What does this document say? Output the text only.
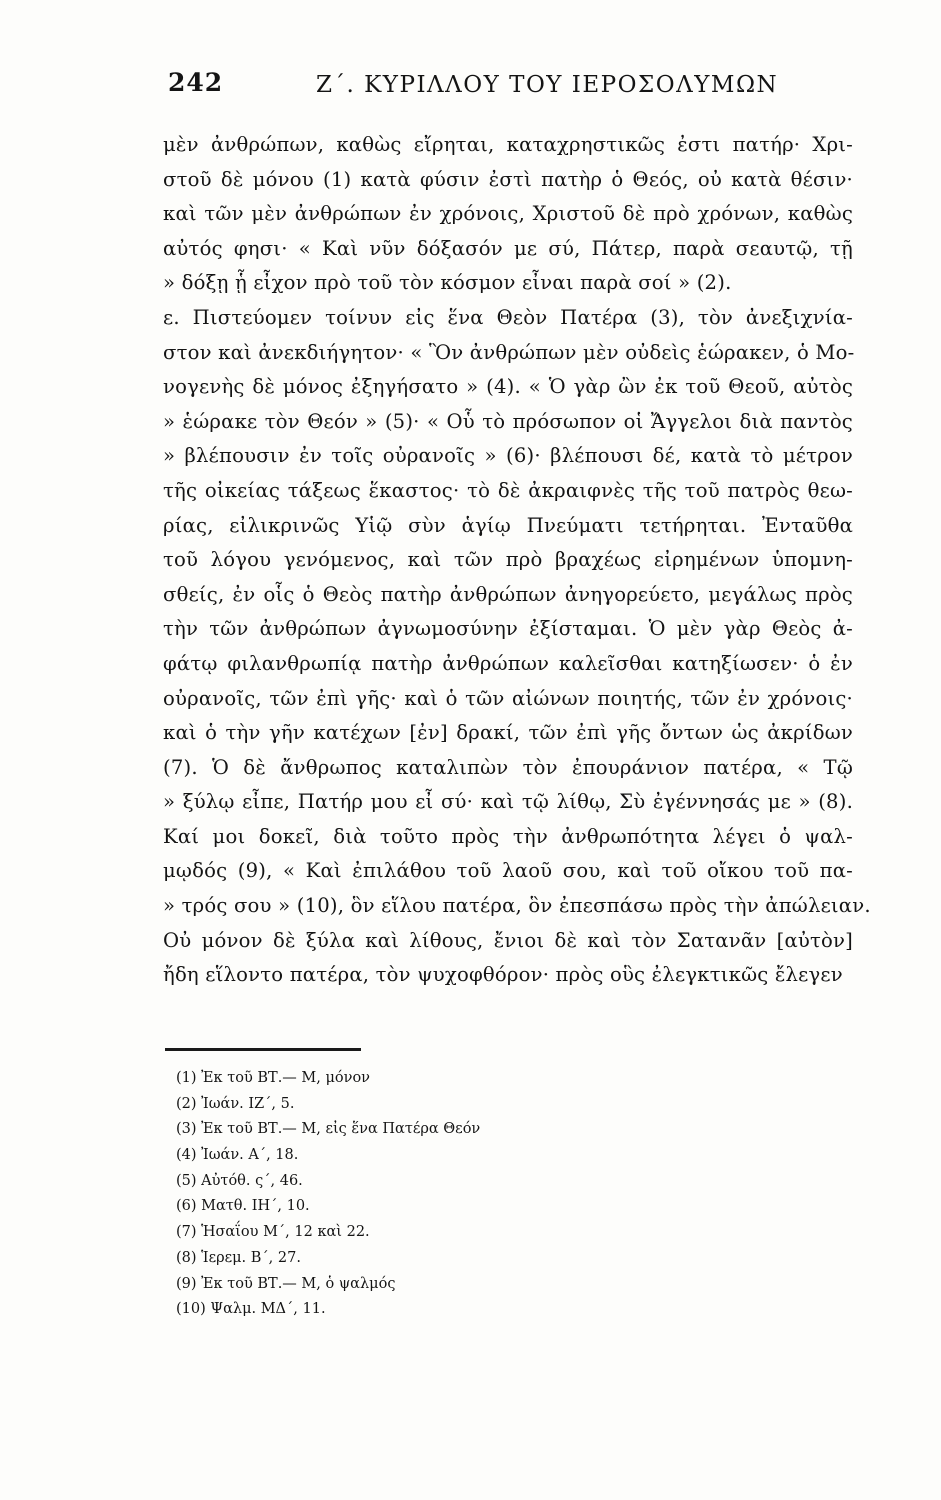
242	Ζ΄. ΚΥΡΙΛΛΟΥ ΤΟΥ ΙΕΡΟΣΟΛΥΜΩΝ
μὲν ἀνθρώπων, καθὼς εἴρηται, καταχρηστικῶς ἐστι πατήρ· Χρι-
στοῦ δὲ μόνου (1) κατὰ φύσιν ἐστὶ πατὴρ ὁ Θεός, οὐ κατὰ θέσιν·
καὶ τῶν μὲν ἀνθρώπων ἐν χρόνοις, Χριστοῦ δὲ πρὸ χρόνων, καθὼς
αὐτός φησι· « Καὶ νῦν δόξασόν με σύ, Πάτερ, παρὰ σεαυτῷ, τῇ
» δόξῃ ᾗ εἶχον πρὸ τοῦ τὸν κόσμον εἶναι παρὰ σοί » (2).
ε. Πιστεύομεν τοίνυν εἰς ἕνα Θεὸν Πατέρα (3), τὸν ἀνεξιχνία-
στον καὶ ἀνεκδιήγητον· « Ὃν ἀνθρώπων μὲν οὐδεὶς ἑώρακεν, ὁ Μο-
νογενὴς δὲ μόνος ἐξηγήσατο » (4). « Ὁ γὰρ ὢν ἐκ τοῦ Θεοῦ, αὐτὸς
» ἑώρακε τὸν Θεόν » (5)· « Οὗ τὸ πρόσωπον οἱ Ἄγγελοι διὰ παντὸς
» βλέπουσιν ἐν τοῖς οὐρανοῖς » (6)· βλέπουσι δέ, κατὰ τὸ μέτρον
τῆς οἰκείας τάξεως ἕκαστος· τὸ δὲ ἀκραιφνὲς τῆς τοῦ πατρὸς θεω-
ρίας, εἰλικρινῶς Υἱῷ σὺν ἁγίῳ Πνεύματι τετήρηται. Ἐνταῦθα
τοῦ λόγου γενόμενος, καὶ τῶν πρὸ βραχέως εἰρημένων ὑπομνη-
σθείς, ἐν οἷς ὁ Θεὸς πατὴρ ἀνθρώπων ἀνηγορεύετο, μεγάλως πρὸς
τὴν τῶν ἀνθρώπων ἀγνωμοσύνην ἐξίσταμαι. Ὁ μὲν γὰρ Θεὸς ἀ-
φάτῳ φιλανθρωπίᾳ πατὴρ ἀνθρώπων καλεῖσθαι κατηξίωσεν· ὁ ἐν
οὐρανοῖς, τῶν ἐπὶ γῆς· καὶ ὁ τῶν αἰώνων ποιητής, τῶν ἐν χρόνοις·
καὶ ὁ τὴν γῆν κατέχων [ἐν] δρακί, τῶν ἐπὶ γῆς ὄντων ὡς ἀκρίδων
(7). Ὁ δὲ ἄνθρωπος καταλιπὼν τὸν ἐπουράνιον πατέρα, « Τῷ
» ξύλῳ εἶπε, Πατήρ μου εἶ σύ· καὶ τῷ λίθῳ, Σὺ ἐγέννησάς με » (8).
Καί μοι δοκεῖ, διὰ τοῦτο πρὸς τὴν ἀνθρωπότητα λέγει ὁ ψαλ-
μῳδός (9), « Καὶ ἐπιλάθου τοῦ λαοῦ σου, καὶ τοῦ οἴκου τοῦ πα-
» τρός σου » (10), ὃν εἵλου πατέρα, ὃν ἐπεσπάσω πρὸς τὴν ἀπώλειαν.
Οὐ μόνον δὲ ξύλα καὶ λίθους, ἔνιοι δὲ καὶ τὸν Σατανᾶν [αὐτὸν]
ἤδη εἵλοντο πατέρα, τὸν ψυχοφθόρον· πρὸς οὓς ἐλεγκτικῶς ἔλεγεν
(1) Ἐκ τοῦ ΒΤ.— Μ, μόνον
(2) Ἰωάν. ΙΖ΄, 5.
(3) Ἐκ τοῦ ΒΤ.— Μ, εἰς ἕνα Πατέρα Θεόν
(4) Ἰωάν. Α΄, 18.
(5) Αὐτόθ. ς΄, 46.
(6) Ματθ. ΙΗ΄, 10.
(7) Ἡσαΐου Μ΄, 12 καὶ 22.
(8) Ἱερεμ. Β΄, 27.
(9) Ἐκ τοῦ ΒΤ.— Μ, ὁ ψαλμός
(10) Ψαλμ. ΜΔ΄, 11.
